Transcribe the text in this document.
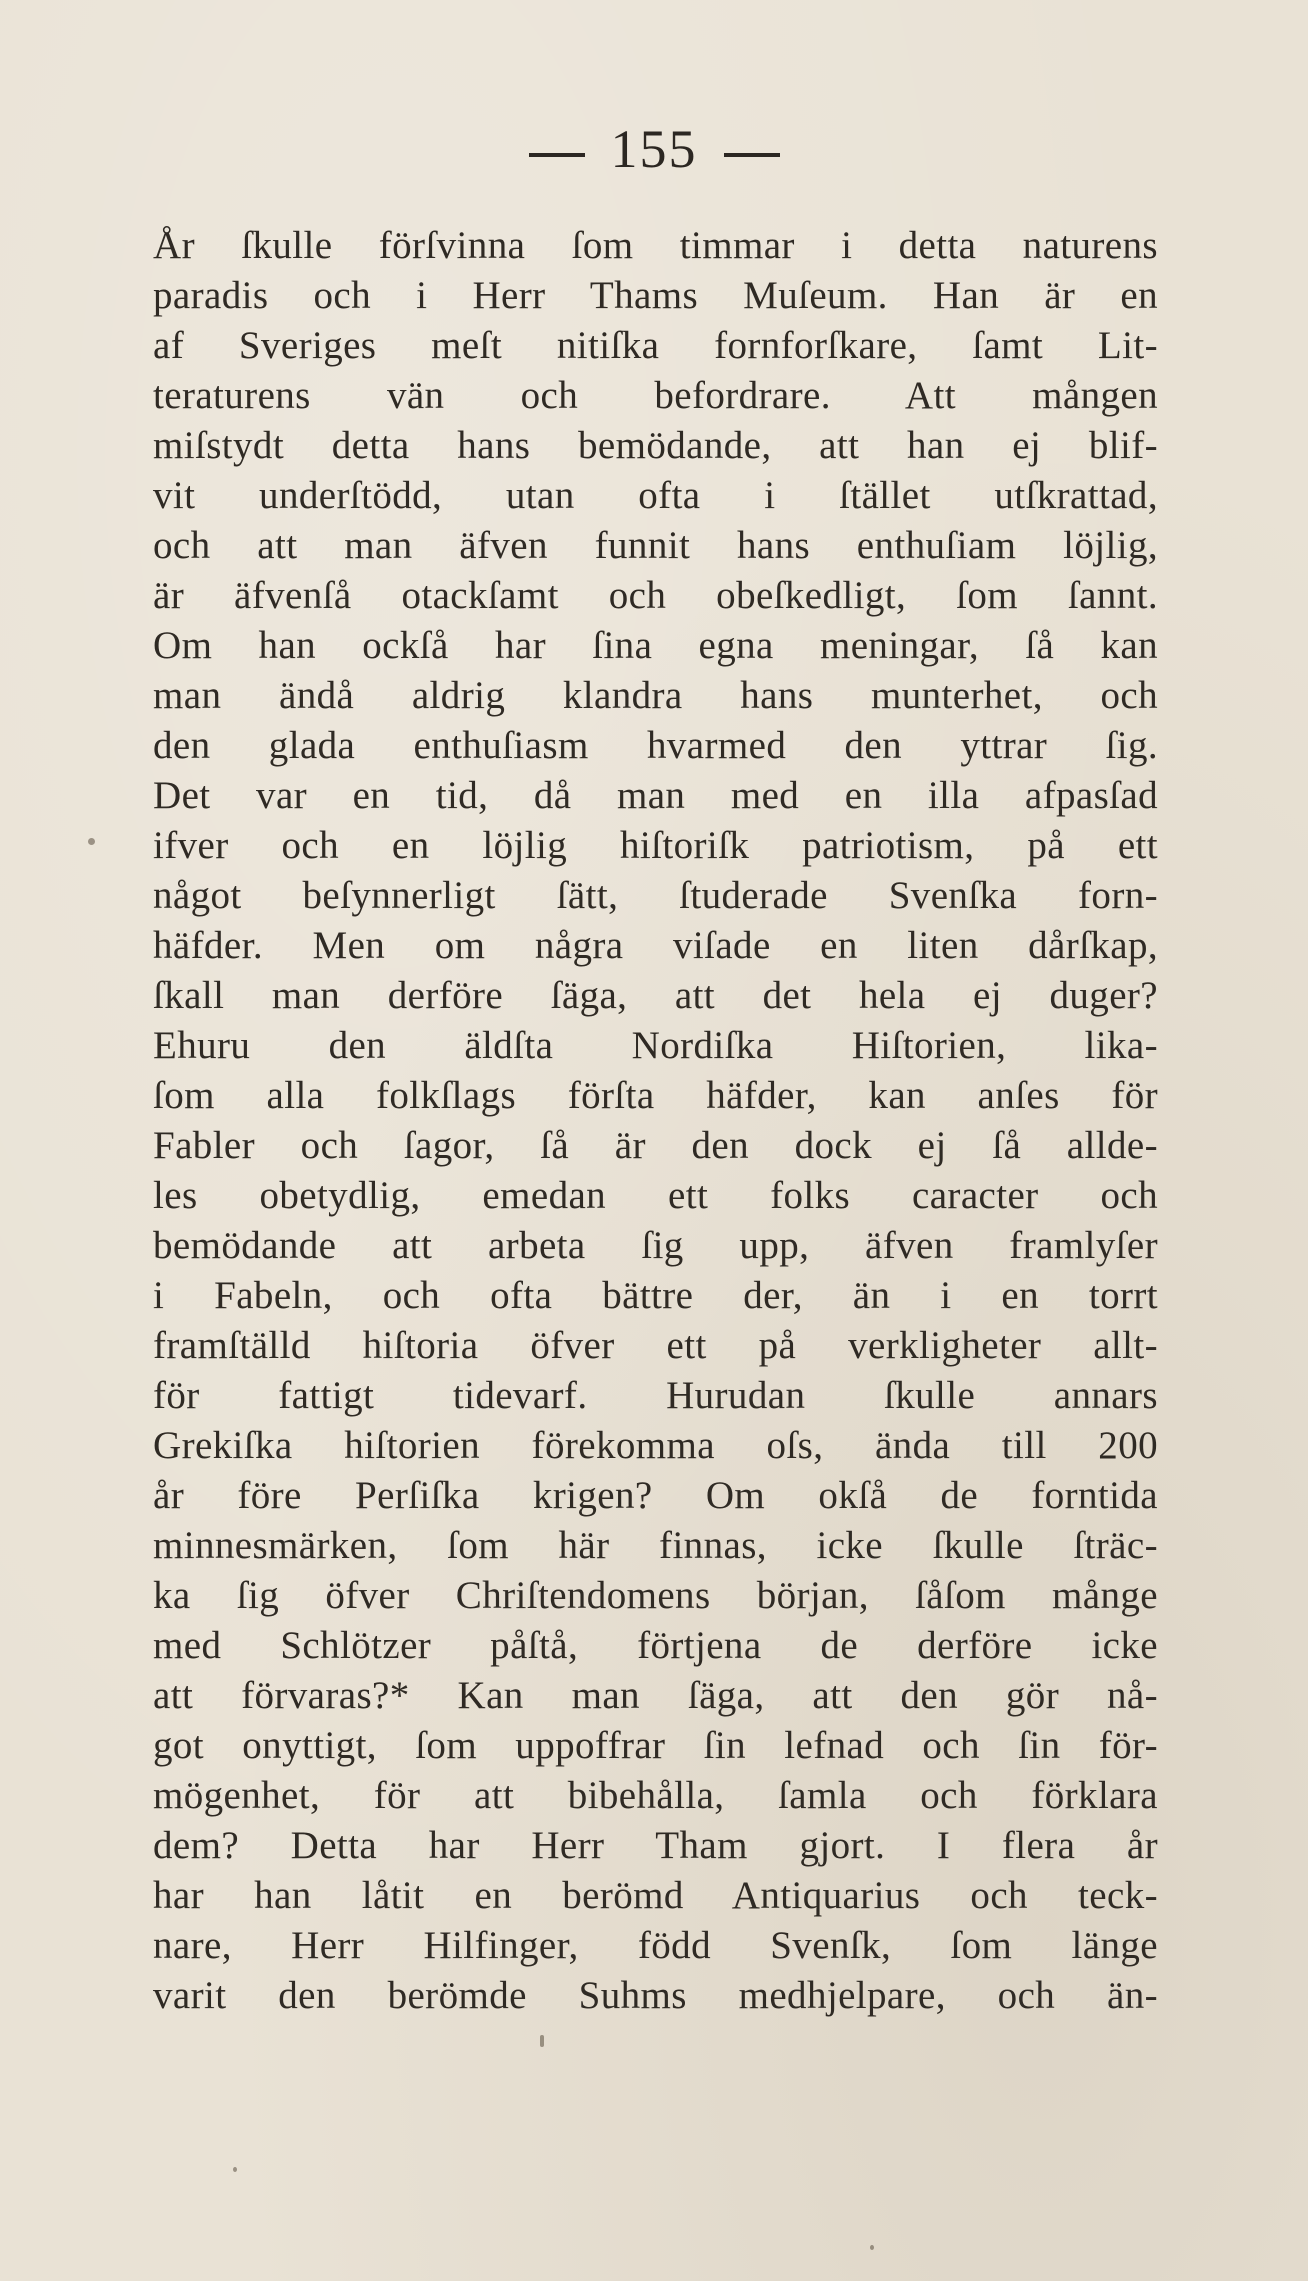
155
År ſkulle förſvinna ſom timmar i detta naturens
paradis och i Herr Thams Muſeum. Han är en
af Sveriges meſt nitiſka fornforſkare, ſamt Lit-
teraturens vän och befordrare. Att mången
miſstydt detta hans bemödande, att han ej blif-
vit underſtödd, utan ofta i ſtället utſkrattad,
och att man äfven funnit hans enthuſiam löjlig,
är äfvenſå otackſamt och obeſkedligt, ſom ſannt.
Om han ockſå har ſina egna meningar, ſå kan
man ändå aldrig klandra hans munterhet, och
den glada enthuſiasm hvarmed den yttrar ſig.
Det var en tid, då man med en illa afpasſad
ifver och en löjlig hiſtoriſk patriotism, på ett
något beſynnerligt ſätt, ſtuderade Svenſka forn-
häfder. Men om några viſade en liten dårſkap,
ſkall man derföre ſäga, att det hela ej duger?
Ehuru den äldſta Nordiſka Hiſtorien, lika-
ſom alla folkſlags förſta häfder, kan anſes för
Fabler och ſagor, ſå är den dock ej ſå allde-
les obetydlig, emedan ett folks caracter och
bemödande att arbeta ſig upp, äfven framlyſer
i Fabeln, och ofta bättre der, än i en torrt
framſtälld hiſtoria öfver ett på verkligheter allt-
för fattigt tidevarf. Hurudan ſkulle annars
Grekiſka hiſtorien förekomma oſs, ända till 200
år före Perſiſka krigen? Om okſå de forntida
minnesmärken, ſom här finnas, icke ſkulle ſträc-
ka ſig öfver Chriſtendomens början, ſåſom månge
med Schlötzer påſtå, förtjena de derföre icke
att förvaras?* Kan man ſäga, att den gör nå-
got onyttigt, ſom uppoffrar ſin lefnad och ſin för-
mögenhet, för att bibehålla, ſamla och förklara
dem? Detta har Herr Tham gjort. I flera år
har han låtit en berömd Antiquarius och teck-
nare, Herr Hilfinger, född Svenſk, ſom länge
varit den berömde Suhms medhjelpare, och än-
